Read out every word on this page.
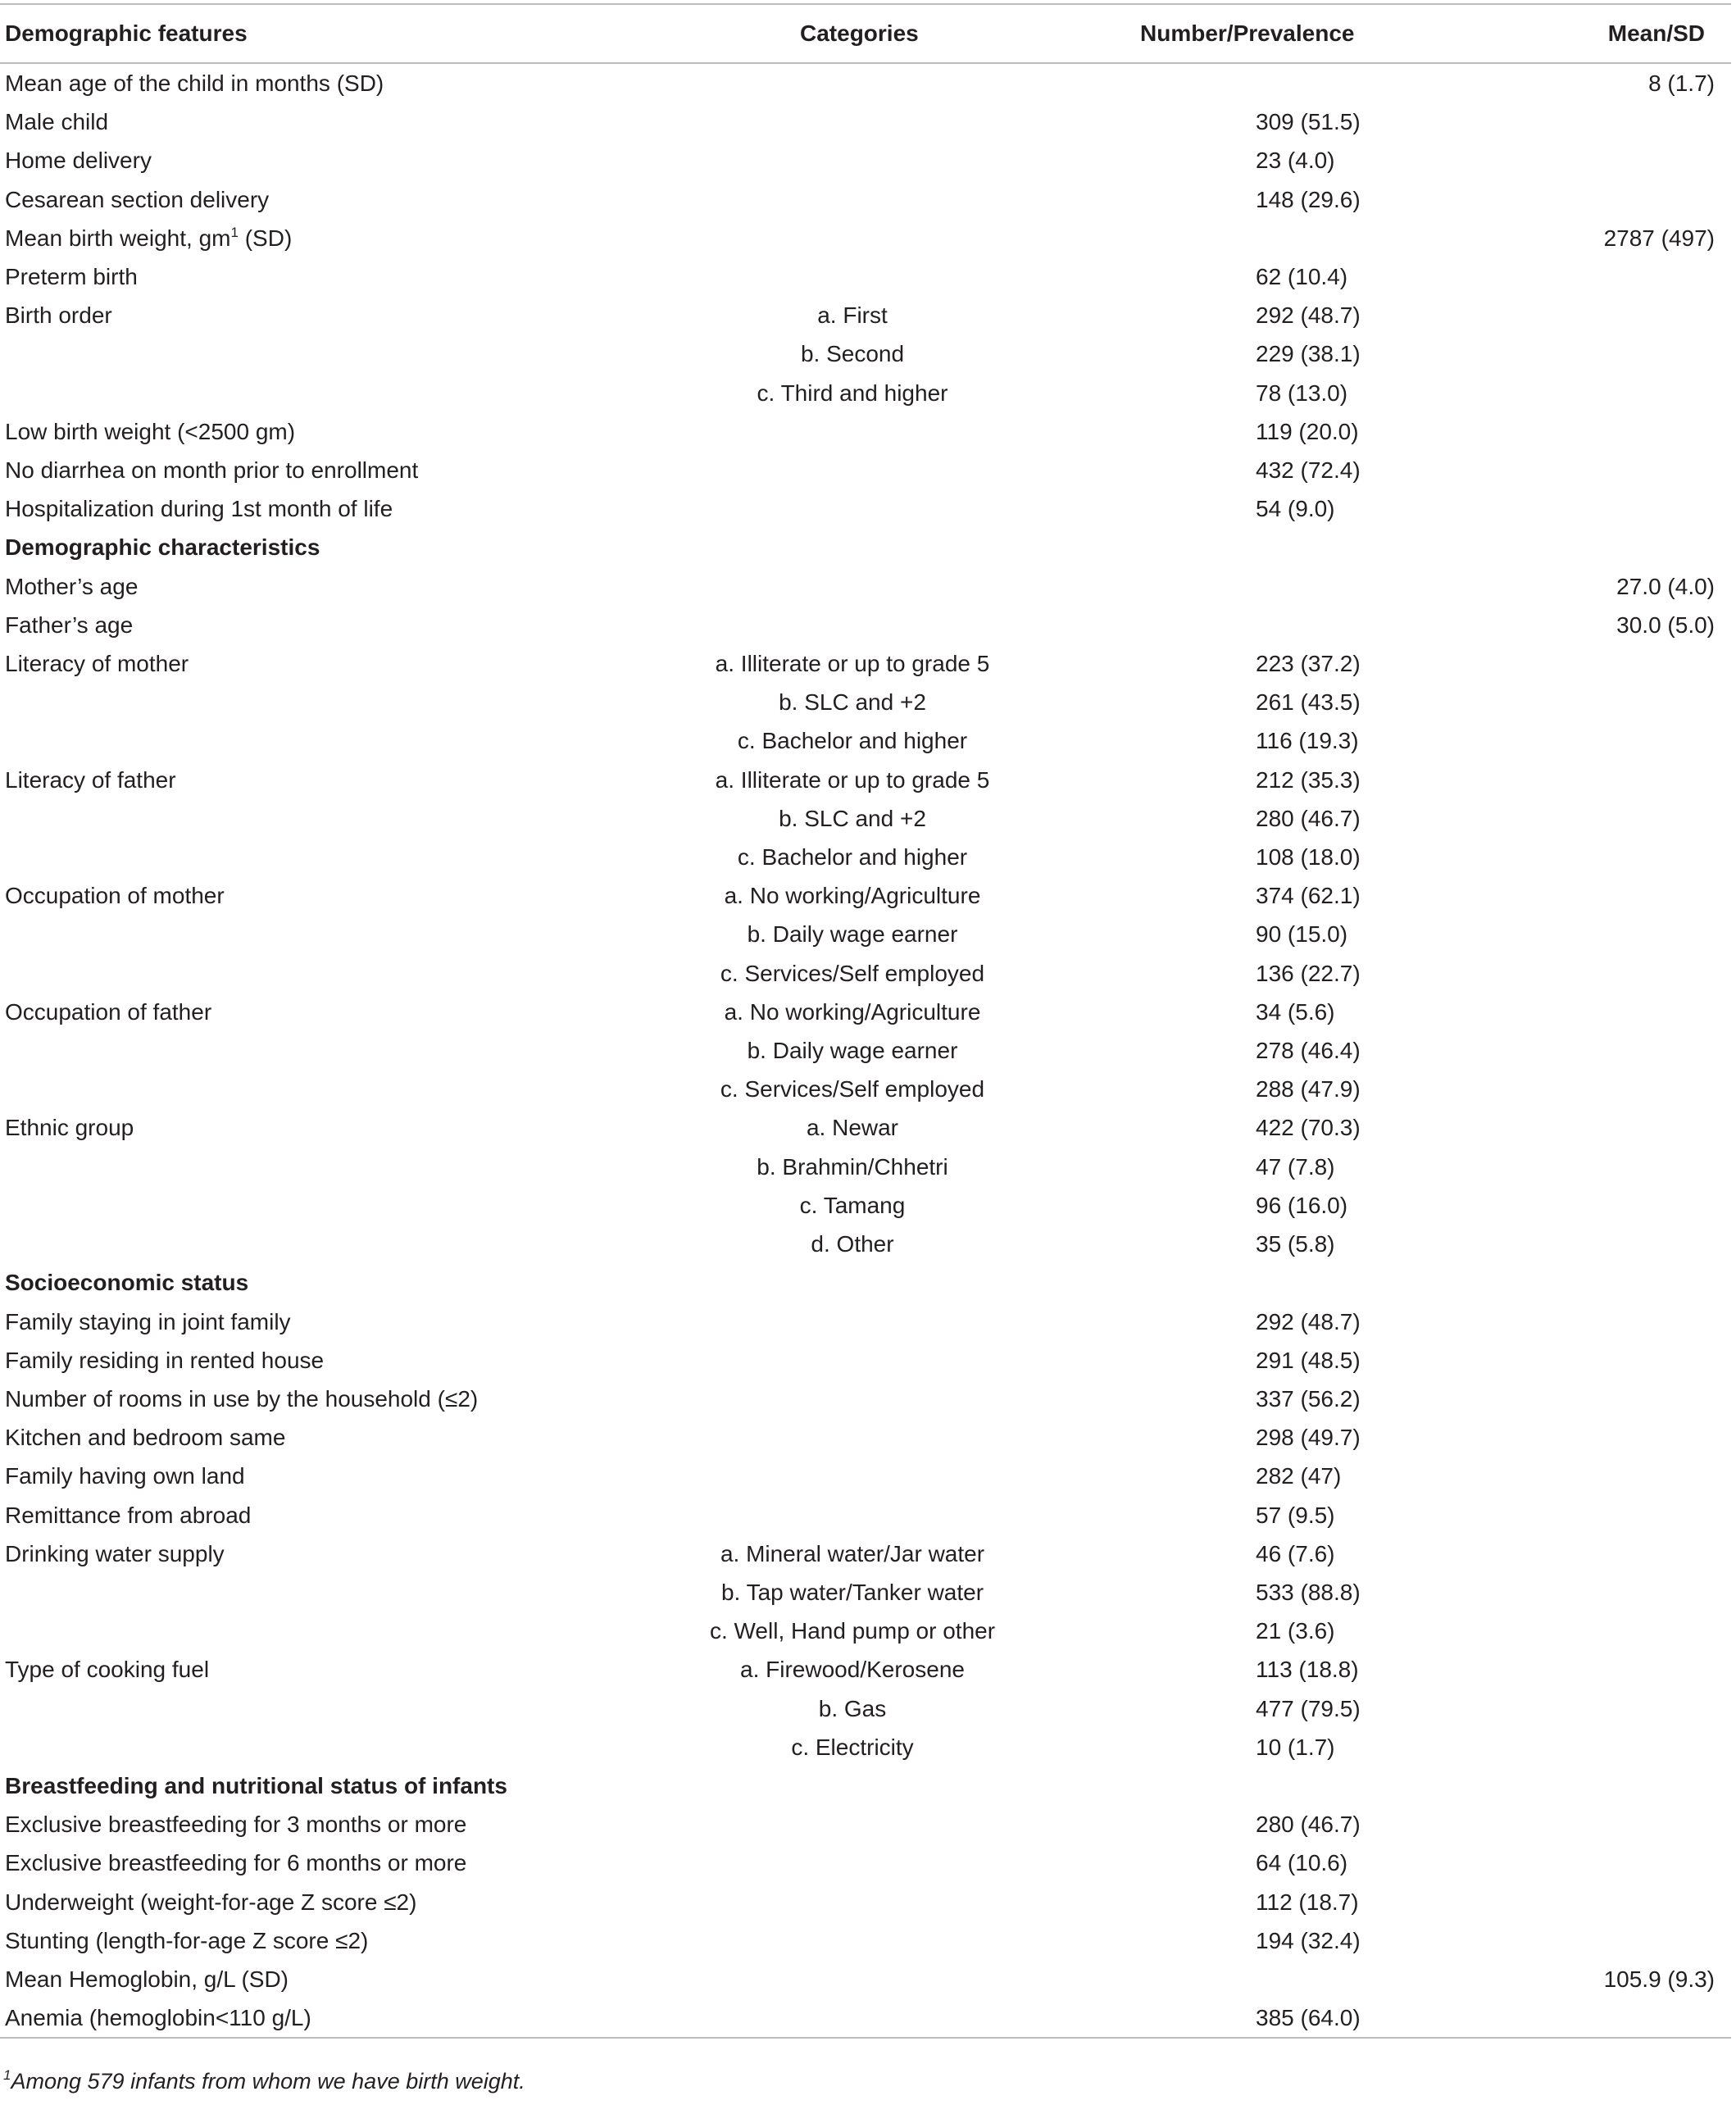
Demographic features	Categories	Number/Prevalence	Mean/SD
Mean age of the child in months (SD)			8 (1.7)
Male child		309 (51.5)	
Home delivery		23 (4.0)	
Cesarean section delivery		148 (29.6)	
Mean birth weight, $gm^1$ (SD)			2787 (497)
Preterm birth		62 (10.4)	
Birth order	a. First	292 (48.7)	
	b. Second	229 (38.1)	
	c. Third and higher	78 (13.0)	
Low birth weight (<2500 gm)		119 (20.0)	
No diarrhea on month prior to enrollment		432 (72.4)	
Hospitalization during 1st month of life		54 (9.0)	
Demographic characteristics			
Mother’s age			27.0 (4.0)
Father’s age			30.0 (5.0)
Literacy of mother	a. Illiterate or up to grade 5	223 (37.2)	
	b. SLC and +2	261 (43.5)	
	c. Bachelor and higher	116 (19.3)	
Literacy of father	a. Illiterate or up to grade 5	212 (35.3)	
	b. SLC and +2	280 (46.7)	
	c. Bachelor and higher	108 (18.0)	
Occupation of mother	a. No working/Agriculture	374 (62.1)	
	b. Daily wage earner	90 (15.0)	
	c. Services/Self employed	136 (22.7)	
Occupation of father	a. No working/Agriculture	34 (5.6)	
	b. Daily wage earner	278 (46.4)	
	c. Services/Self employed	288 (47.9)	
Ethnic group	a. Newar	422 (70.3)	
	b. Brahmin/Chhetri	47 (7.8)	
	c. Tamang	96 (16.0)	
	d. Other	35 (5.8)	
Socioeconomic status			
Family staying in joint family		292 (48.7)	
Family residing in rented house		291 (48.5)	
Number of rooms in use by the household (≤2)		337 (56.2)	
Kitchen and bedroom same		298 (49.7)	
Family having own land		282 (47)	
Remittance from abroad		57 (9.5)	
Drinking water supply	a. Mineral water/Jar water	46 (7.6)	
	b. Tap water/Tanker water	533 (88.8)	
	c. Well, Hand pump or other	21 (3.6)	
Type of cooking fuel	a. Firewood/Kerosene	113 (18.8)	
	b. Gas	477 (79.5)	
	c. Electricity	10 (1.7)	
Breastfeeding and nutritional status of infants			
Exclusive breastfeeding for 3 months or more		280 (46.7)	
Exclusive breastfeeding for 6 months or more		64 (10.6)	
Underweight (weight-for-age Z score ≤2)		112 (18.7)	
Stunting (length-for-age Z score ≤2)		194 (32.4)	
Mean Hemoglobin, g/L (SD)			105.9 (9.3)
Anemia (hemoglobin<110 g/L)		385 (64.0)	
$^1$Among 579 infants from whom we have birth weight.
